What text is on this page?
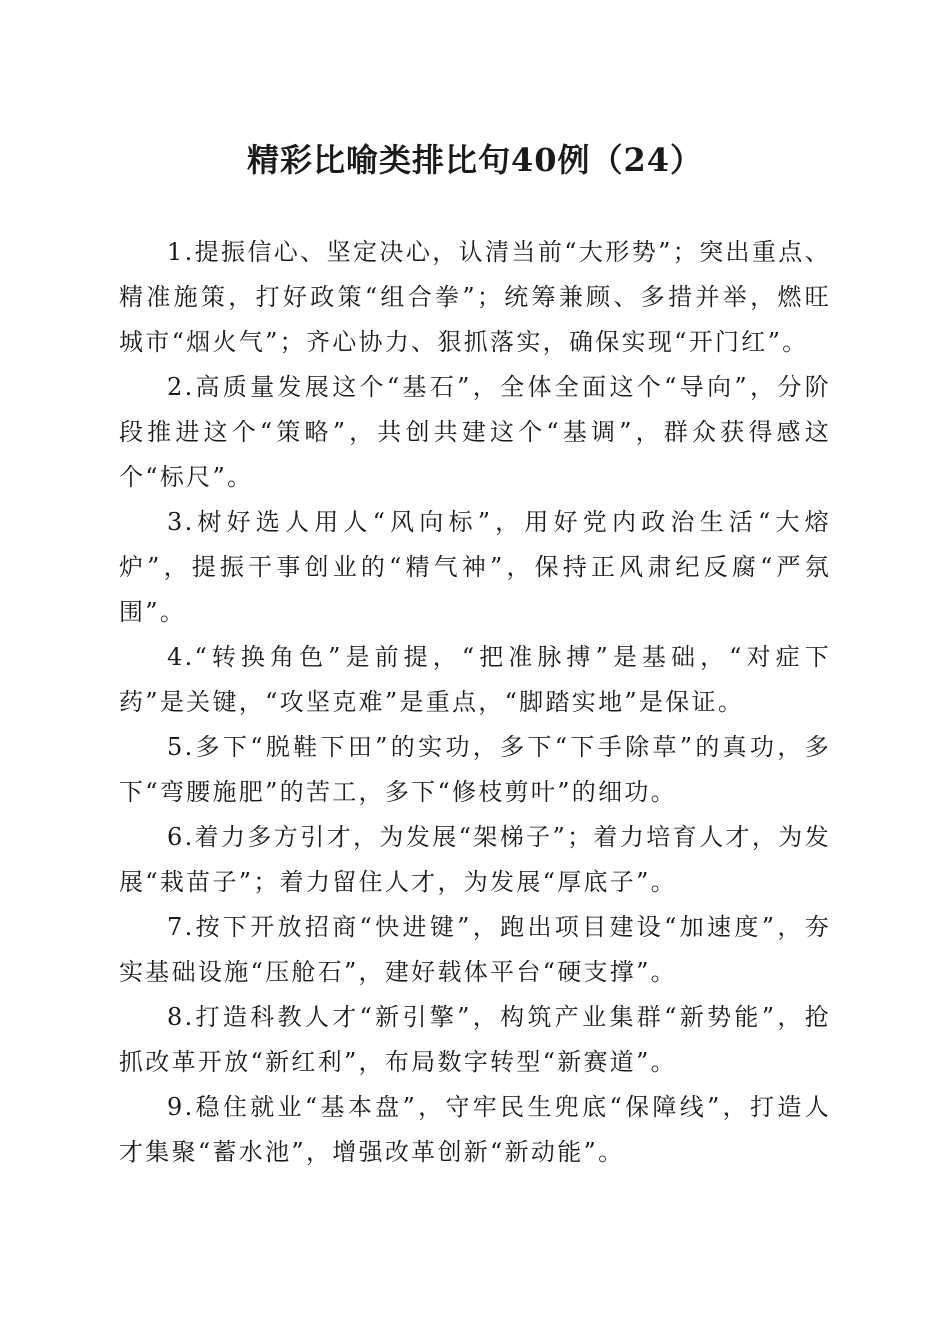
精彩比喻类排比句40例（24）

1.提振信心、坚定决心，认清当前“大形势”；突出重点、精准施策，打好政策“组合拳”；统筹兼顾、多措并举，燃旺城市“烟火气”；齐心协力、狠抓落实，确保实现“开门红”。

2.高质量发展这个“基石”，全体全面这个“导向”，分阶段推进这个“策略”，共创共建这个“基调”，群众获得感这个“标尺”。

3.树好选人用人“风向标”，用好党内政治生活“大熔炉”，提振干事创业的“精气神”，保持正风肃纪反腐“严氛围”。

4.“转换角色”是前提，“把准脉搏”是基础，“对症下药”是关键，“攻坚克难”是重点，“脚踏实地”是保证。

5.多下“脱鞋下田”的实功，多下“下手除草”的真功，多下“弯腰施肥”的苦工，多下“修枝剪叶”的细功。

6.着力多方引才，为发展“架梯子”；着力培育人才，为发展“栽苗子”；着力留住人才，为发展“厚底子”。

7.按下开放招商“快进键”，跑出项目建设“加速度”，夯实基础设施“压舱石”，建好载体平台“硬支撑”。

8.打造科教人才“新引擎”，构筑产业集群“新势能”，抢抓改革开放“新红利”，布局数字转型“新赛道”。

9.稳住就业“基本盘”，守牢民生兜底“保障线”，打造人才集聚“蓄水池”，增强改革创新“新动能”。
